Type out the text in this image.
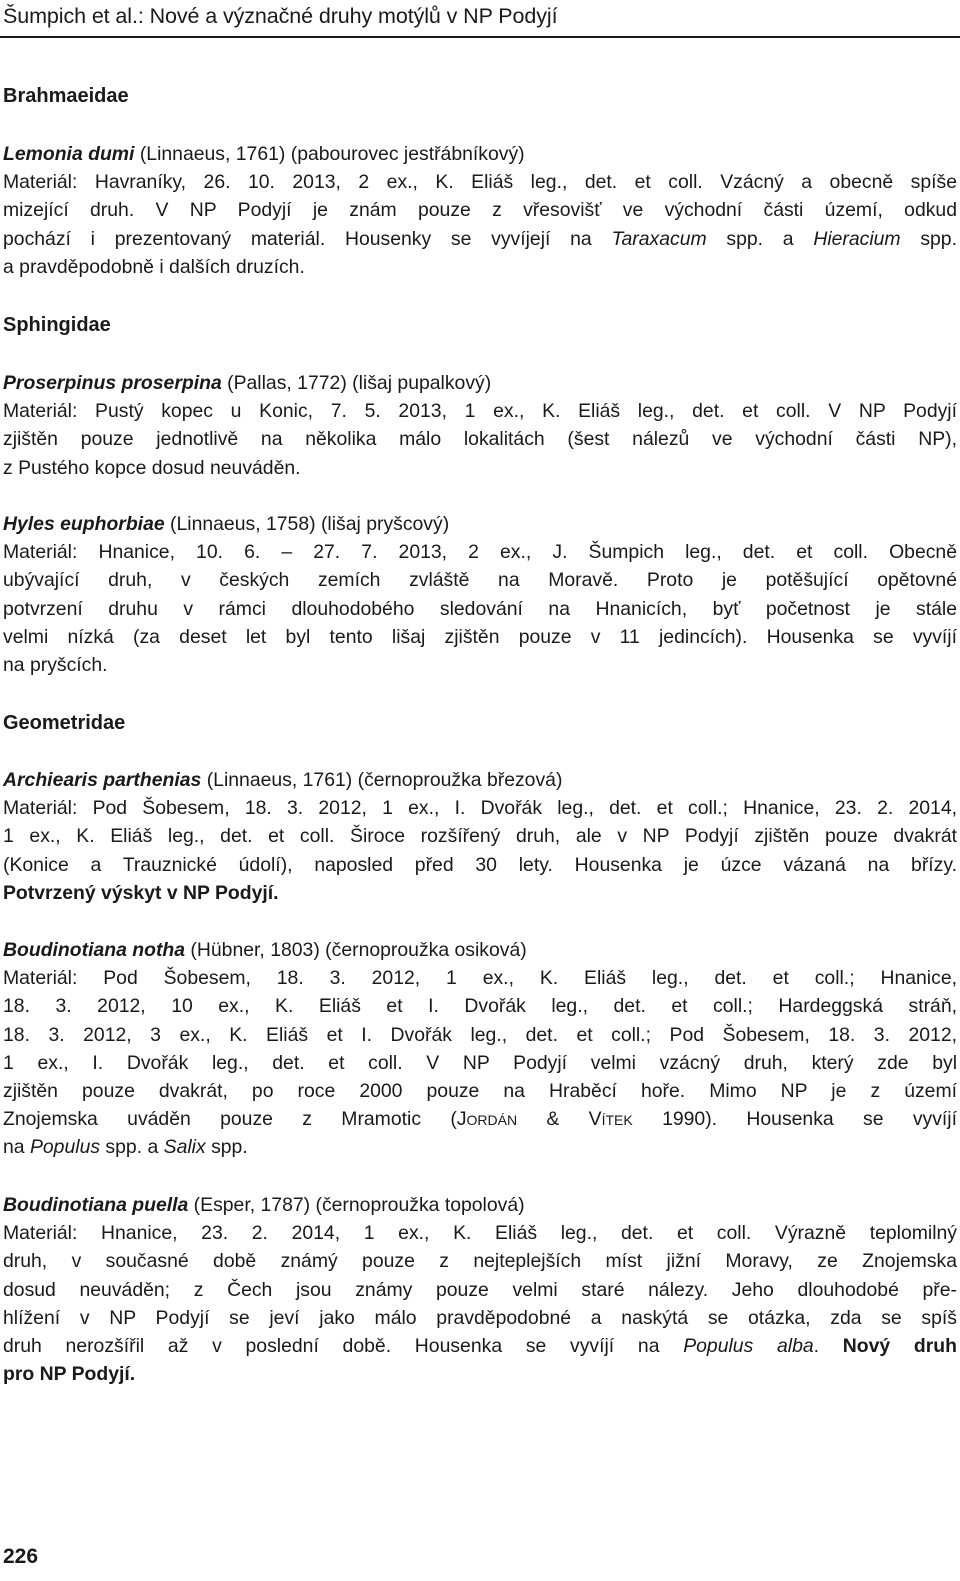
Šumpich et al.: Nové a význačné druhy motýlů v NP Podyjí
Brahmaeidae
Lemonia dumi (Linnaeus, 1761) (pabourovec jestřábníkový)
Materiál: Havraníky, 26. 10. 2013, 2 ex., K. Eliáš leg., det. et coll. Vzácný a obecně spíše
mizející druh. V NP Podyjí je znám pouze z vřesovišť ve východní části území, odkud
pochází i prezentovaný materiál. Housenky se vyvíjejí na Taraxacum spp. a Hieracium spp.
a pravděpodobně i dalších druzích.
Sphingidae
Proserpinus proserpina (Pallas, 1772) (lišaj pupalkový)
Materiál: Pustý kopec u Konic, 7. 5. 2013, 1 ex., K. Eliáš leg., det. et coll. V NP Podyjí
zjištěn pouze jednotlivě na několika málo lokalitách (šest nálezů ve východní části NP),
z Pustého kopce dosud neuváděn.
Hyles euphorbiae (Linnaeus, 1758) (lišaj pryšcový)
Materiál: Hnanice, 10. 6. – 27. 7. 2013, 2 ex., J. Šumpich leg., det. et coll. Obecně
ubývající druh, v českých zemích zvláště na Moravě. Proto je potěšující opětovné
potvrzení druhu v rámci dlouhodobého sledování na Hnanicích, byť početnost je stále
velmi nízká (za deset let byl tento lišaj zjištěn pouze v 11 jedincích). Housenka se vyvíjí
na pryšcích.
Geometridae
Archiearis parthenias (Linnaeus, 1761) (černoproužka březová)
Materiál: Pod Šobesem, 18. 3. 2012, 1 ex., I. Dvořák leg., det. et coll.; Hnanice, 23. 2. 2014,
1 ex., K. Eliáš leg., det. et coll. Široce rozšířený druh, ale v NP Podyjí zjištěn pouze dvakrát
(Konice a Trauznické údolí), naposled před 30 lety. Housenka je úzce vázaná na břízy.
Potvrzený výskyt v NP Podyjí.
Boudinotiana notha (Hübner, 1803) (černoproužka osiková)
Materiál: Pod Šobesem, 18. 3. 2012, 1 ex., K. Eliáš leg., det. et coll.; Hnanice,
18. 3. 2012, 10 ex., K. Eliáš et I. Dvořák leg., det. et coll.; Hardeggská stráň,
18. 3. 2012, 3 ex., K. Eliáš et I. Dvořák leg., det. et coll.; Pod Šobesem, 18. 3. 2012,
1 ex., I. Dvořák leg., det. et coll. V NP Podyjí velmi vzácný druh, který zde byl
zjištěn pouze dvakrát, po roce 2000 pouze na Hraběcí hoře. Mimo NP je z území
Znojemska uváděn pouze z Mramotic (Jordán & Vítek 1990). Housenka se vyvíjí
na Populus spp. a Salix spp.
Boudinotiana puella (Esper, 1787) (černoproužka topolová)
Materiál: Hnanice, 23. 2. 2014, 1 ex., K. Eliáš leg., det. et coll. Výrazně teplomilný
druh, v současné době známý pouze z nejteplejších míst jižní Moravy, ze Znojemska
dosud neuváděn; z Čech jsou známy pouze velmi staré nálezy. Jeho dlouhodobé pře-
hlížení v NP Podyjí se jeví jako málo pravděpodobné a naskýtá se otázka, zda se spíš
druh nerozšířil až v poslední době. Housenka se vyvíjí na Populus alba. Nový druh
pro NP Podyjí.
226
